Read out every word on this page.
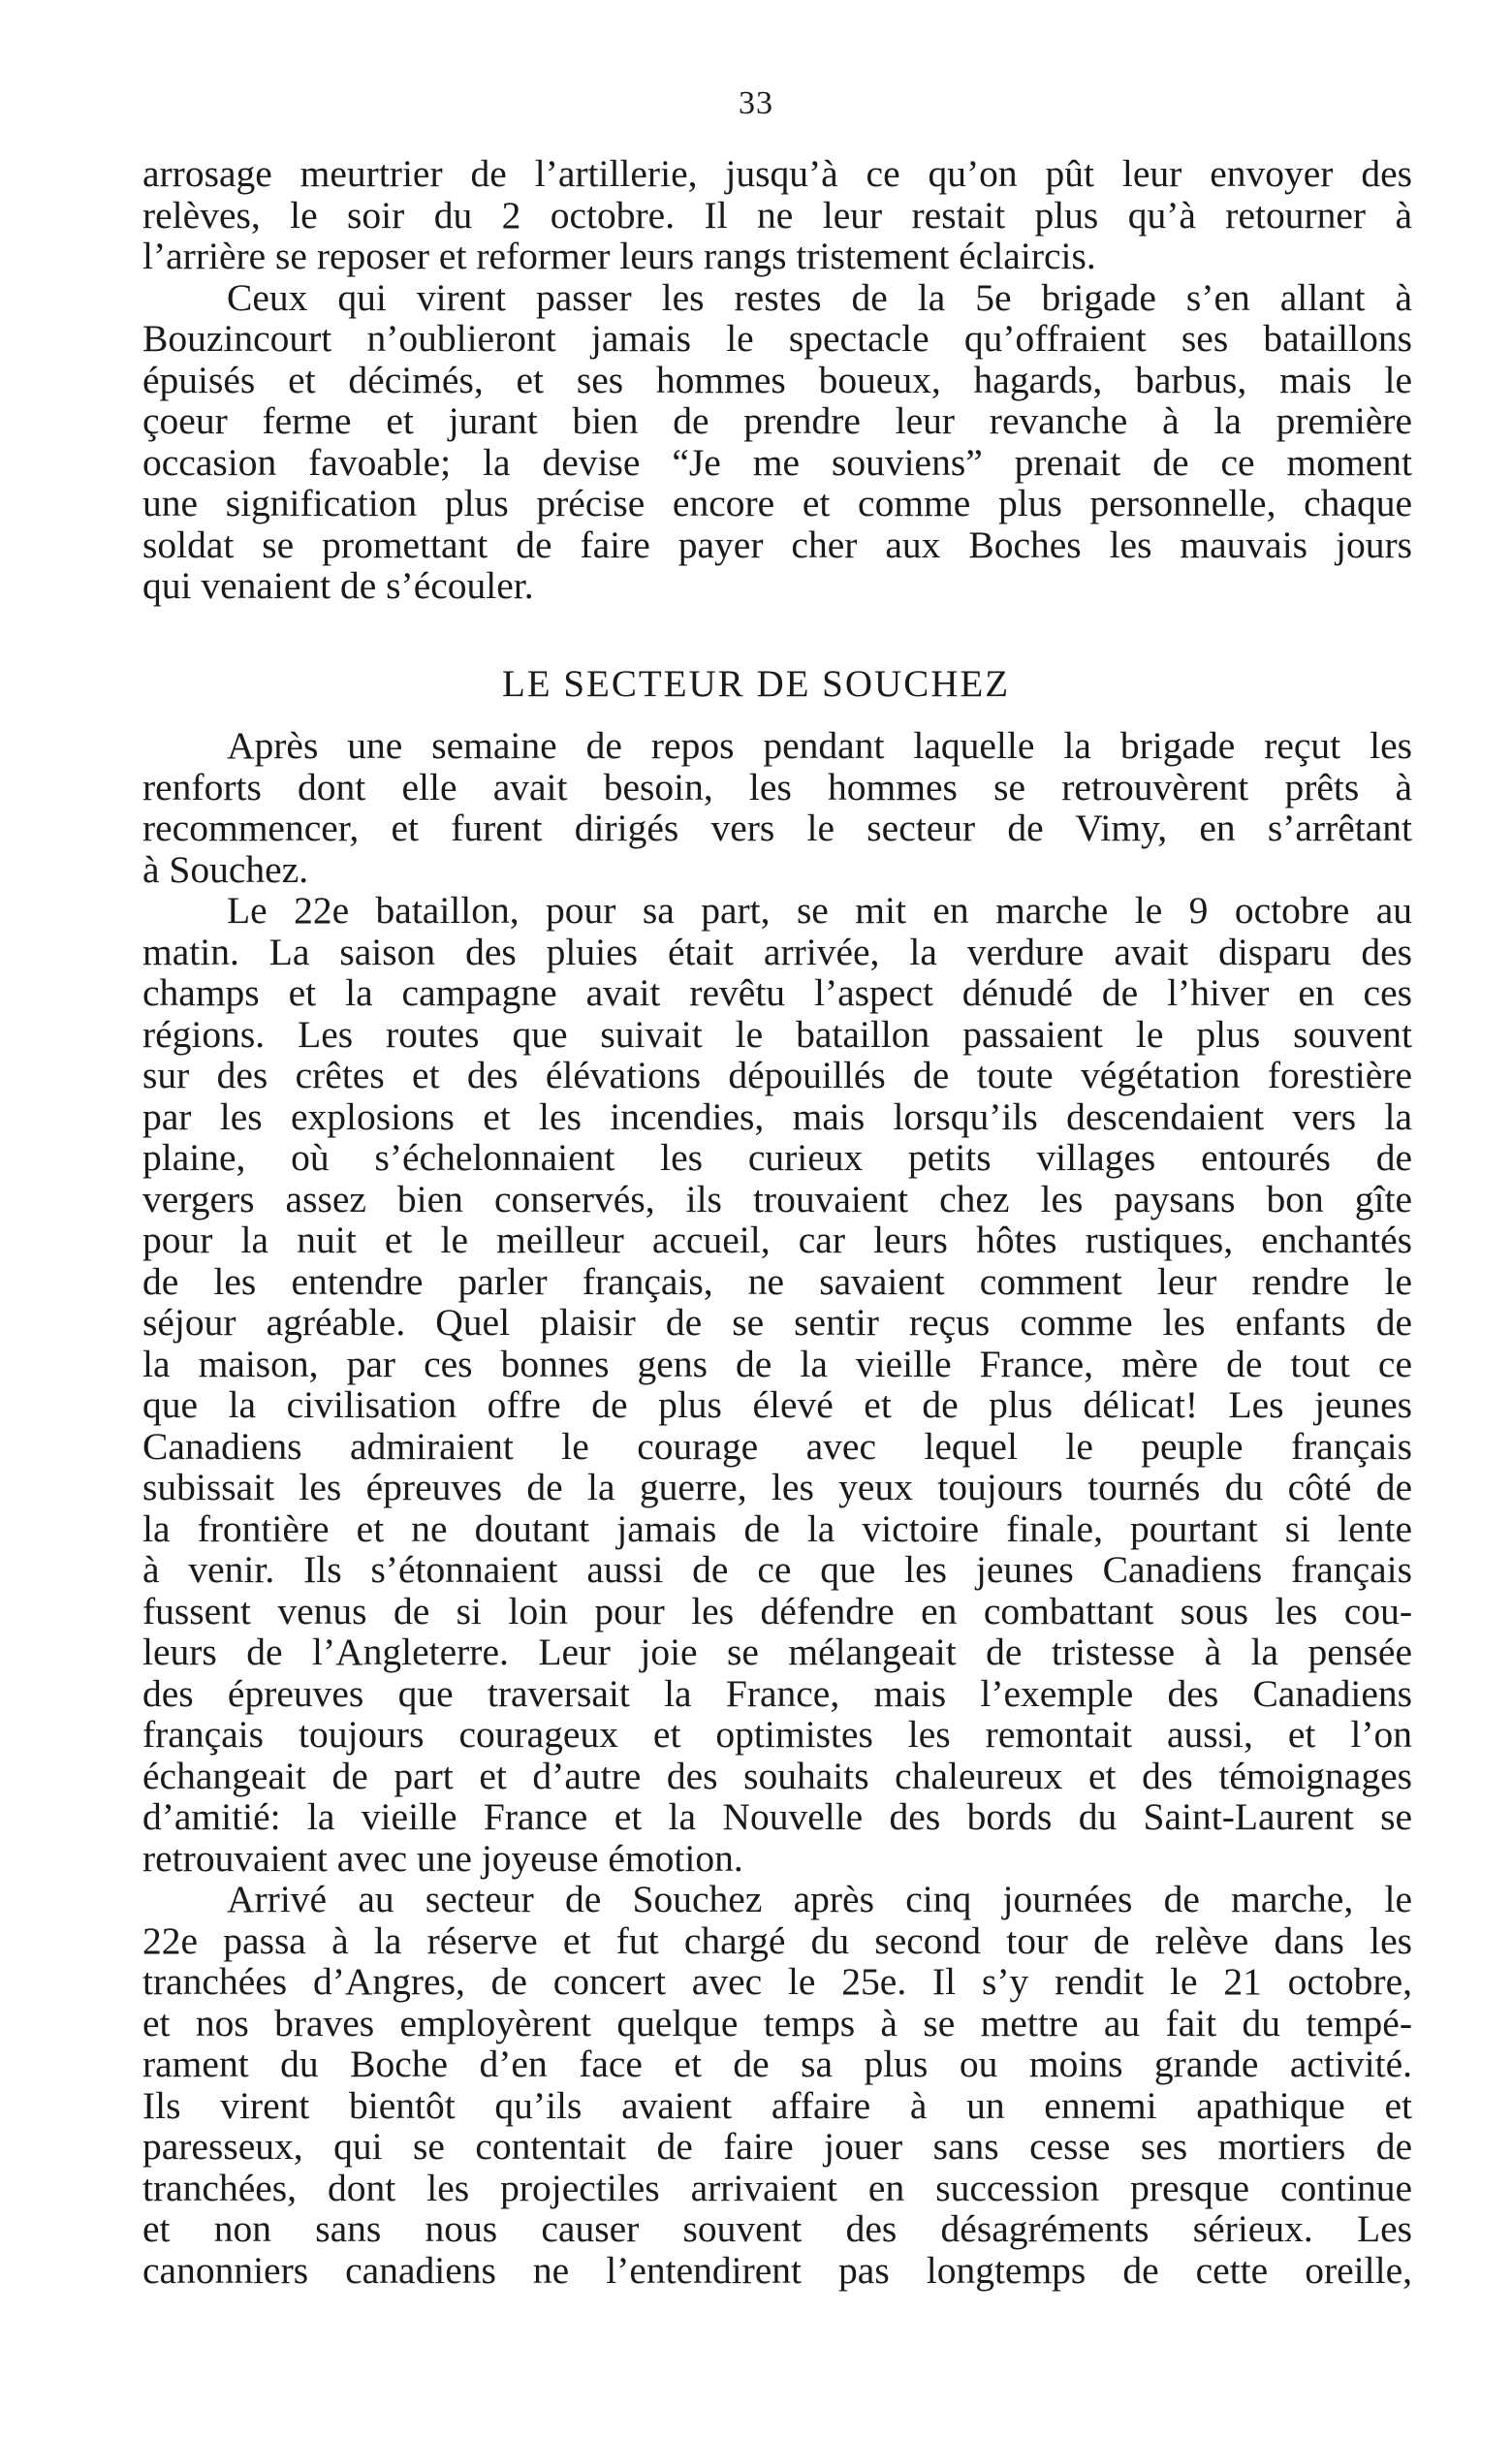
33
arrosage meurtrier de l’artillerie, jusqu’à ce qu’on pût leur envoyer des
relèves, le soir du 2 octobre. Il ne leur restait plus qu’à retourner à
l’arrière se reposer et reformer leurs rangs tristement éclaircis.
Ceux qui virent passer les restes de la 5e brigade s’en allant à
Bouzincourt n’oublieront jamais le spectacle qu’offraient ses bataillons
épuisés et décimés, et ses hommes boueux, hagards, barbus, mais le
çoeur ferme et jurant bien de prendre leur revanche à la première
occasion favoable; la devise “Je me souviens” prenait de ce moment
une signification plus précise encore et comme plus personnelle, chaque
soldat se promettant de faire payer cher aux Boches les mauvais jours
qui venaient de s’écouler.
LE SECTEUR DE SOUCHEZ
Après une semaine de repos pendant laquelle la brigade reçut les
renforts dont elle avait besoin, les hommes se retrouvèrent prêts à
recommencer, et furent dirigés vers le secteur de Vimy, en s’arrêtant
à Souchez.
Le 22e bataillon, pour sa part, se mit en marche le 9 octobre au
matin. La saison des pluies était arrivée, la verdure avait disparu des
champs et la campagne avait revêtu l’aspect dénudé de l’hiver en ces
régions. Les routes que suivait le bataillon passaient le plus souvent
sur des crêtes et des élévations dépouillés de toute végétation forestière
par les explosions et les incendies, mais lorsqu’ils descendaient vers la
plaine, où s’échelonnaient les curieux petits villages entourés de
vergers assez bien conservés, ils trouvaient chez les paysans bon gîte
pour la nuit et le meilleur accueil, car leurs hôtes rustiques, enchantés
de les entendre parler français, ne savaient comment leur rendre le
séjour agréable. Quel plaisir de se sentir reçus comme les enfants de
la maison, par ces bonnes gens de la vieille France, mère de tout ce
que la civilisation offre de plus élevé et de plus délicat! Les jeunes
Canadiens admiraient le courage avec lequel le peuple français
subissait les épreuves de la guerre, les yeux toujours tournés du côté de
la frontière et ne doutant jamais de la victoire finale, pourtant si lente
à venir. Ils s’étonnaient aussi de ce que les jeunes Canadiens français
fussent venus de si loin pour les défendre en combattant sous les cou-
leurs de l’Angleterre. Leur joie se mélangeait de tristesse à la pensée
des épreuves que traversait la France, mais l’exemple des Canadiens
français toujours courageux et optimistes les remontait aussi, et l’on
échangeait de part et d’autre des souhaits chaleureux et des témoignages
d’amitié: la vieille France et la Nouvelle des bords du Saint-Laurent se
retrouvaient avec une joyeuse émotion.
Arrivé au secteur de Souchez après cinq journées de marche, le
22e passa à la réserve et fut chargé du second tour de relève dans les
tranchées d’Angres, de concert avec le 25e. Il s’y rendit le 21 octobre,
et nos braves employèrent quelque temps à se mettre au fait du tempé-
rament du Boche d’en face et de sa plus ou moins grande activité.
Ils virent bientôt qu’ils avaient affaire à un ennemi apathique et
paresseux, qui se contentait de faire jouer sans cesse ses mortiers de
tranchées, dont les projectiles arrivaient en succession presque continue
et non sans nous causer souvent des désagréments sérieux. Les
canonniers canadiens ne l’entendirent pas longtemps de cette oreille,
